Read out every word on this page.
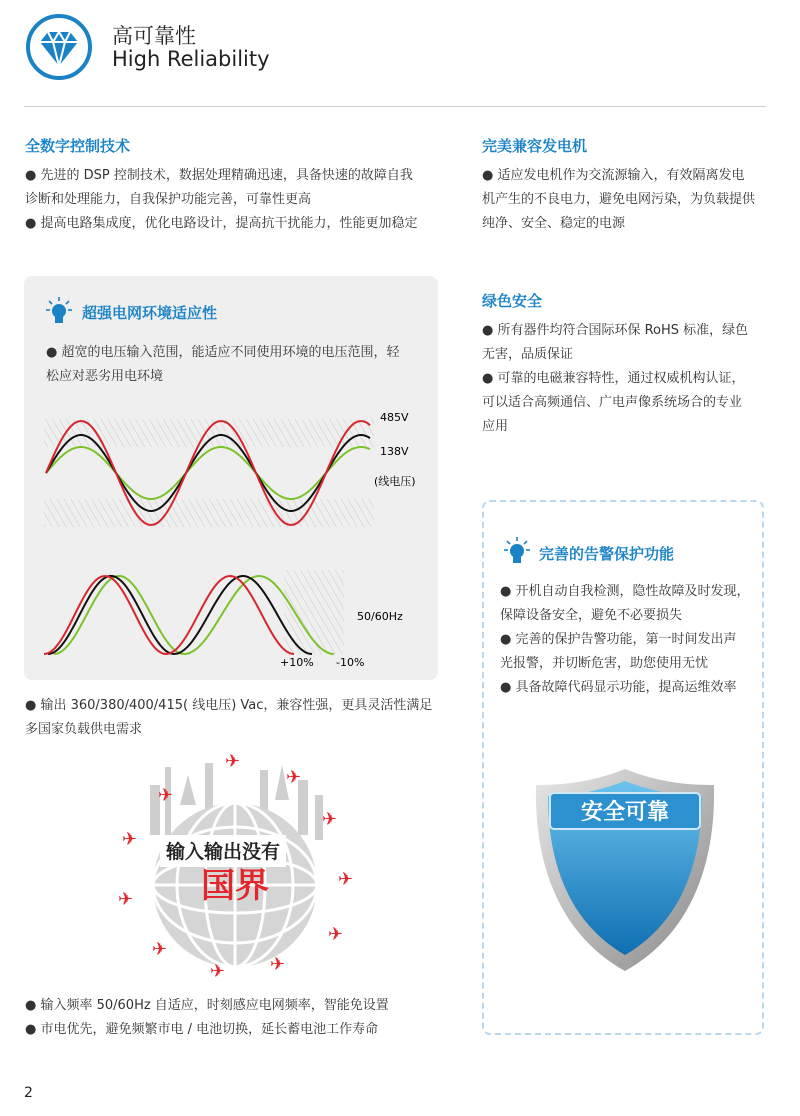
高可靠性
High Reliability
全数字控制技术
● 先进的 DSP 控制技术，数据处理精确迅速，具备快速的故障自我
诊断和处理能力，自我保护功能完善，可靠性更高
● 提高电路集成度，优化电路设计，提高抗干扰能力，性能更加稳定
完美兼容发电机
● 适应发电机作为交流源输入，有效隔离发电
机产生的不良电力，避免电网污染，为负载提供
纯净、安全、稳定的电源
超强电网环境适应性
● 超宽的电压输入范围，能适应不同使用环境的电压范围，轻
松应对恶劣用电环境
485V
138V
(线电压)
50/60Hz
+10% -10%
● 输出 360/380/400/415( 线电压) Vac，兼容性强，更具灵活性满足
多国家负载供电需求
✈
✈
✈
✈
✈
✈
✈
✈
✈
✈
✈
输入输出没有
国界
● 输入频率 50/60Hz 自适应，时刻感应电网频率，智能免设置
● 市电优先，避免频繁市电 / 电池切换，延长蓄电池工作寿命
绿色安全
● 所有器件均符合国际环保 RoHS 标准，绿色
无害，品质保证
● 可靠的电磁兼容特性，通过权威机构认证，
可以适合高频通信、广电声像系统场合的专业
应用
完善的告警保护功能
● 开机自动自我检测，隐性故障及时发现，
保障设备安全，避免不必要损失
● 完善的保护告警功能，第一时间发出声
光报警，并切断危害，助您使用无忧
● 具备故障代码显示功能，提高运维效率
安全可靠
2
